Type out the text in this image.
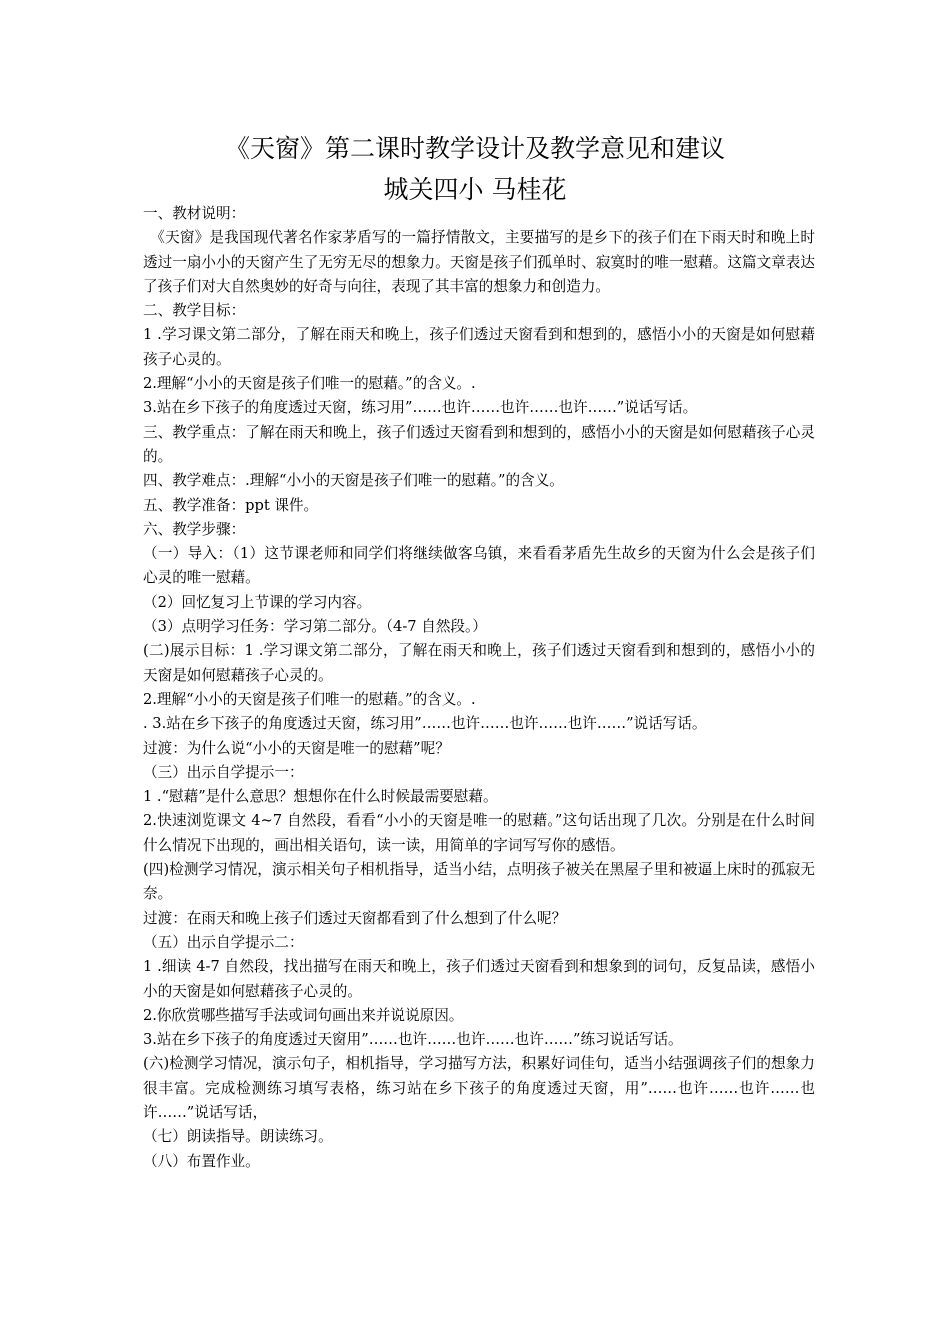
《天窗》第二课时教学设计及教学意见和建议
城关四小 马桂花

一、教材说明：

《天窗》是我国现代著名作家茅盾写的一篇抒情散文，主要描写的是乡下的孩子们在下雨天时和晚上时透过一扇小小的天窗产生了无穷无尽的想象力。天窗是孩子们孤单时、寂寞时的唯一慰藉。这篇文章表达了孩子们对大自然奥妙的好奇与向往，表现了其丰富的想象力和创造力。

二、教学目标：

1 .学习课文第二部分，了解在雨天和晚上，孩子们透过天窗看到和想到的，感悟小小的天窗是如何慰藉孩子心灵的。

2.理解“小小的天窗是孩子们唯一的慰藉。”的含义。.

3.站在乡下孩子的角度透过天窗，练习用”……也许……也许……也许……”说话写话。

三、教学重点：了解在雨天和晚上，孩子们透过天窗看到和想到的，感悟小小的天窗是如何慰藉孩子心灵的。

四、教学难点：.理解“小小的天窗是孩子们唯一的慰藉。”的含义。

五、教学准备：ppt 课件。

六、教学步骤：

（一）导入：（1）这节课老师和同学们将继续做客乌镇，来看看茅盾先生故乡的天窗为什么会是孩子们心灵的唯一慰藉。

（2）回忆复习上节课的学习内容。

（3）点明学习任务：学习第二部分。（4-7 自然段。）

(二)展示目标：1 .学习课文第二部分，了解在雨天和晚上，孩子们透过天窗看到和想到的，感悟小小的天窗是如何慰藉孩子心灵的。

2.理解“小小的天窗是孩子们唯一的慰藉。”的含义。.

. 3.站在乡下孩子的角度透过天窗，练习用”……也许……也许……也许……”说话写话。

过渡：为什么说“小小的天窗是唯一的慰藉”呢？

（三）出示自学提示一：

1 .“慰藉”是什么意思？想想你在什么时候最需要慰藉。

2.快速浏览课文 4~7 自然段，看看“小小的天窗是唯一的慰藉。”这句话出现了几次。分别是在什么时间什么情况下出现的，画出相关语句，读一读，用简单的字词写写你的感悟。

(四)检测学习情况，演示相关句子相机指导，适当小结，点明孩子被关在黑屋子里和被逼上床时的孤寂无奈。

过渡：在雨天和晚上孩子们透过天窗都看到了什么想到了什么呢？

（五）出示自学提示二：

1 .细读 4-7 自然段，找出描写在雨天和晚上，孩子们透过天窗看到和想象到的词句，反复品读，感悟小小的天窗是如何慰藉孩子心灵的。

2.你欣赏哪些描写手法或词句画出来并说说原因。

3.站在乡下孩子的角度透过天窗用”……也许……也许……也许……”练习说话写话。

(六)检测学习情况，演示句子，相机指导，学习描写方法，积累好词佳句，适当小结强调孩子们的想象力很丰富。完成检测练习填写表格，练习站在乡下孩子的角度透过天窗，用”……也许……也许……也许……”说话写话，

（七）朗读指导。朗读练习。

（八）布置作业。
